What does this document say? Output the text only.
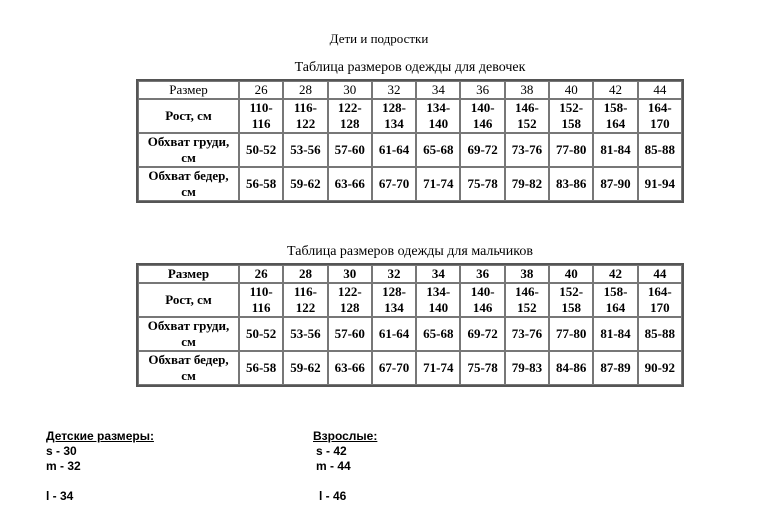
Дети и подростки
Таблица размеров одежды для девочек
Размер	26	28	30	32	34	36	38	40	42	44
Рост, см	110-116	116-122	122-128	128-134	134-140	140-146	146-152	152-158	158-164	164-170
Обхват груди, см	50-52	53-56	57-60	61-64	65-68	69-72	73-76	77-80	81-84	85-88
Обхват бедер, см	56-58	59-62	63-66	67-70	71-74	75-78	79-82	83-86	87-90	91-94
Таблица размеров одежды для мальчиков
Размер	26	28	30	32	34	36	38	40	42	44
Рост, см	110-116	116-122	122-128	128-134	134-140	140-146	146-152	152-158	158-164	164-170
Обхват груди, см	50-52	53-56	57-60	61-64	65-68	69-72	73-76	77-80	81-84	85-88
Обхват бедер, см	56-58	59-62	63-66	67-70	71-74	75-78	79-83	84-86	87-89	90-92
Детские размеры:
s - 30
m - 32
l - 34
Взрослые:
s - 42
m - 44
l - 46
